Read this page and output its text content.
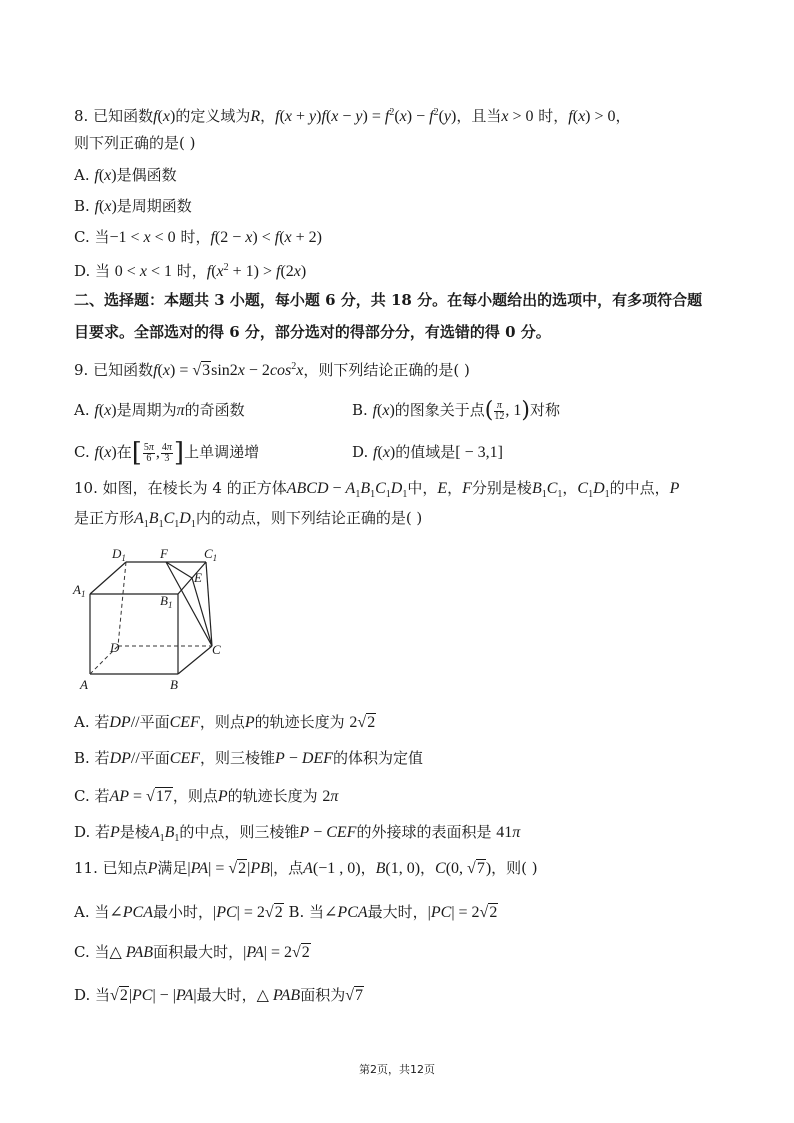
8. 已知函数f(x)的定义域为R，$f(x + y)f(x - y) = f^2(x) - f^2(y)$，且当x > 0 时，f(x) > 0，
则下列正确的是( )
A. f(x)是偶函数
B. f(x)是周期函数
C. 当−1 < x < 0 时，f(2 − x) < f(x + 2)
D. 当 0 < x < 1 时，$f(x^2 + 1) > f(2x)$
二、选择题：本题共 3 小题，每小题 6 分，共 18 分。在每小题给出的选项中，有多项符合题
目要求。全部选对的得 6 分，部分选对的得部分分，有选错的得 0 分。
9. 已知函数$f(x) = √3\sin 2x - 2\cos^2x$，则下列结论正确的是( )
A. f(x)是周期为π的奇函数	B. f(x)的图象关于点( $\frac{\pi}{12}$ , 1)对称
C. f(x)在[ $\frac{5\pi}{6}$ , $\frac{4\pi}{3}$ ]上单调递增	D. f(x)的值域是[ − 3,1]
10. 如图，在棱长为 4 的正方体ABCD − $A_1B_1C_1D_1$中，E，F分别是棱$B_1C_1$，$C_1D_1$的中点，P
是正方形$A_1B_1C_1D_1$内的动点，则下列结论正确的是( )
$D_1$	F	$C_1$
E
$A_1$	$B_1$
D	C
A	B
A. 若DP//平面CEF，则点P的轨迹长度为 2√2
B. 若DP//平面CEF，则三棱锥P − DEF的体积为定值
C. 若AP = √17，则点P的轨迹长度为 2π
D. 若P是棱$A_1B_1$的中点，则三棱锥P − CEF的外接球的表面积是 41π
11. 已知点P满足|PA| = √2|PB|，点A(−1 , 0)，B(1, 0)，C(0, √7)，则( )
A. 当∠PCA最小时，|PC| = 2√2 B. 当∠PCA最大时，|PC| = 2√2
C. 当△ PAB面积最大时，|PA| = 2√2
D. 当√2|PC| − |PA|最大时，△ PAB面积为√7
第2页，共12页
